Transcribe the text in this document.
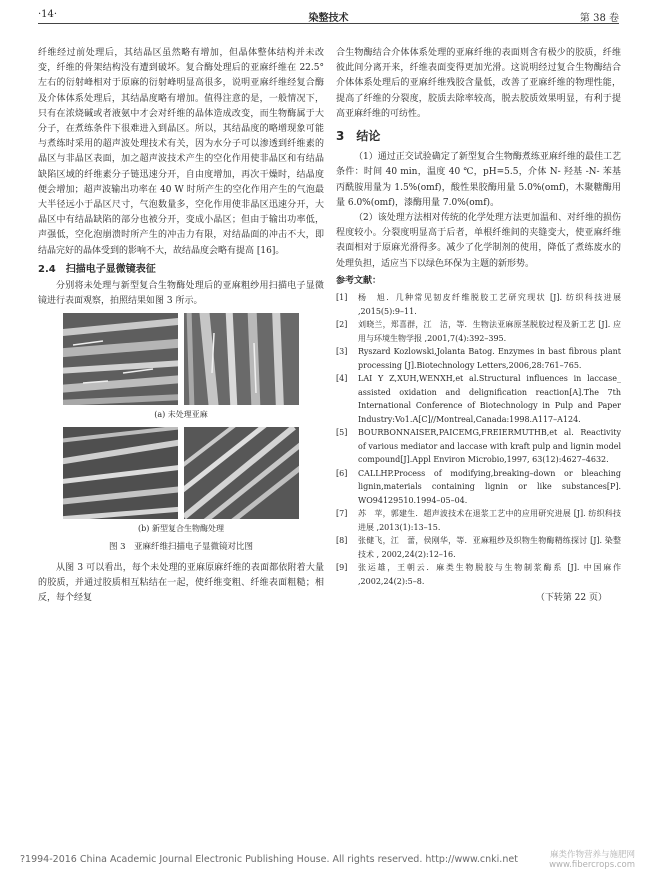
·14·	染整技术	第 38 卷

纤维经过前处理后，其结晶区虽然略有增加，但晶体整体结构并未改变，纤维的骨架结构没有遭到破坏。复合酶处理后的亚麻纤维在 22.5° 左右的衍射峰相对于原麻的衍射峰明显高很多，说明亚麻纤维经复合酶及介体体系处理后，其结晶度略有增加。值得注意的是，一般情况下，只有在浓烧碱或者液氨中才会对纤维的晶体造成改变，而生物酶属于大分子，在煮练条件下很难进入到晶区。所以，其结晶度的略增现象可能与煮练时采用的超声波处理技术有关，因为水分子可以渗透到纤维素的晶区与非晶区表面，加之超声波技术产生的空化作用使非晶区和有结晶缺陷区域的纤维素分子链迅速分开，自由度增加，再次干燥时，结晶度便会增加；超声波输出功率在 40 W 时所产生的空化作用产生的气泡最大半径远小于晶区尺寸，气泡数量多，空化作用使非晶区迅速分开，大晶区中有结晶缺陷的部分也被分开，变成小晶区；但由于输出功率低，声强低，空化泡崩溃时所产生的冲击力有限，对结晶面的冲击不大，即结晶完好的晶体受到的影响不大，故结晶度会略有提高 [16]。

2.4　扫描电子显微镜表征

分别将未处理与新型复合生物酶处理后的亚麻粗纱用扫描电子显微镜进行表面观察，拍照结果如图 3 所示。

(a) 未处理亚麻
(b) 新型复合生物酶处理
图 3　亚麻纤维扫描电子显微镜对比图

从图 3 可以看出，每个未处理的亚麻原麻纤维的表面都依附着大量的胶质，并通过胶质相互粘结在一起，使纤维变粗、纤维表面粗糙；相反，每个经复

合生物酶结合介体体系处理的亚麻纤维的表面则含有极少的胶质，纤维彼此间分离开来，纤维表面变得更加光滑。这说明经过复合生物酶结合介体体系处理后的亚麻纤维残胶含量低，改善了亚麻纤维的物理性能，提高了纤维的分裂度，胶质去除率较高，脱去胶质效果明显，有利于提高亚麻纤维的可纺性。

3　结论

（1）通过正交试验确定了新型复合生物酶煮练亚麻纤维的最佳工艺条件：时间 40 min，温度 40 ℃，pH=5.5，介体 N- 羟基 -N- 苯基丙酰胺用量为 1.5%(omf)，酸性果胶酶用量 5.0%(omf)，木聚糖酶用量 6.0%(omf)，漆酶用量 7.0%(omf)。

（2）该处理方法相对传统的化学处理方法更加温和、对纤维的损伤程度较小。分裂度明显高于后者，单根纤维间的夹缝变大，使亚麻纤维表面相对于原麻光滑得多。减少了化学制剂的使用，降低了煮练废水的处理负担，适应当下以绿色环保为主题的新形势。

参考文献：
[1]	杨　旭．几种常见韧皮纤维脱胶工艺研究现状 [J]. 纺织科技进展 ,2015(5):9–11.
[2]	刘晓兰，郑喜群，江　洁，等．生物法亚麻原茎脱胶过程及新工艺 [J]. 应用与环境生物学报 ,2001,7(4):392–395.
[3]	Ryszard Kozlowski,Jolanta Batog. Enzymes in bast fibrous plant processing [J].Biotechnology Letters,2006,28:761–765.
[4]	LAI Y Z,XUH,WENXH,et al.Structural influences in laccase_ assisted oxidation and delignification reaction[A].The 7th International Conference of Biotechnology in Pulp and Paper Industry:Vo1.A[C]//Montreal,Canada:1998.A117–A124.
[5]	BOURBONNAISER,PAICEMG,FREIERMUTHB,et al. Reactivity of various mediator and laccase with kraft pulp and lignin model compound[J].Appl Environ Microbio,1997, 63(12):4627–4632.
[6]	CALLHP.Process of modifying,breaking–down or bleaching lignin,materials containing lignin or like substances[P]. WO94129510.1994–05–04.
[7]	苏　苹，郭建生．超声波技术在退浆工艺中的应用研究进展 [J]. 纺织科技进展 ,2013(1):13–15.
[8]	张健飞，江　蕾，侯刚华，等．亚麻粗纱及织物生物酶精练探讨 [J]. 染整技术 , 2002,24(2):12–16.
[9]	张运雄，王朝云．麻类生物脱胶与生物制浆酶系 [J]. 中国麻作 ,2002,24(2):5–8.
（下转第 22 页）
?1994-2016 China Academic Journal Electronic Publishing House. All rights reserved. http://www.cnki.net	麻类作物营养与施肥网
www.fibercrops.com
